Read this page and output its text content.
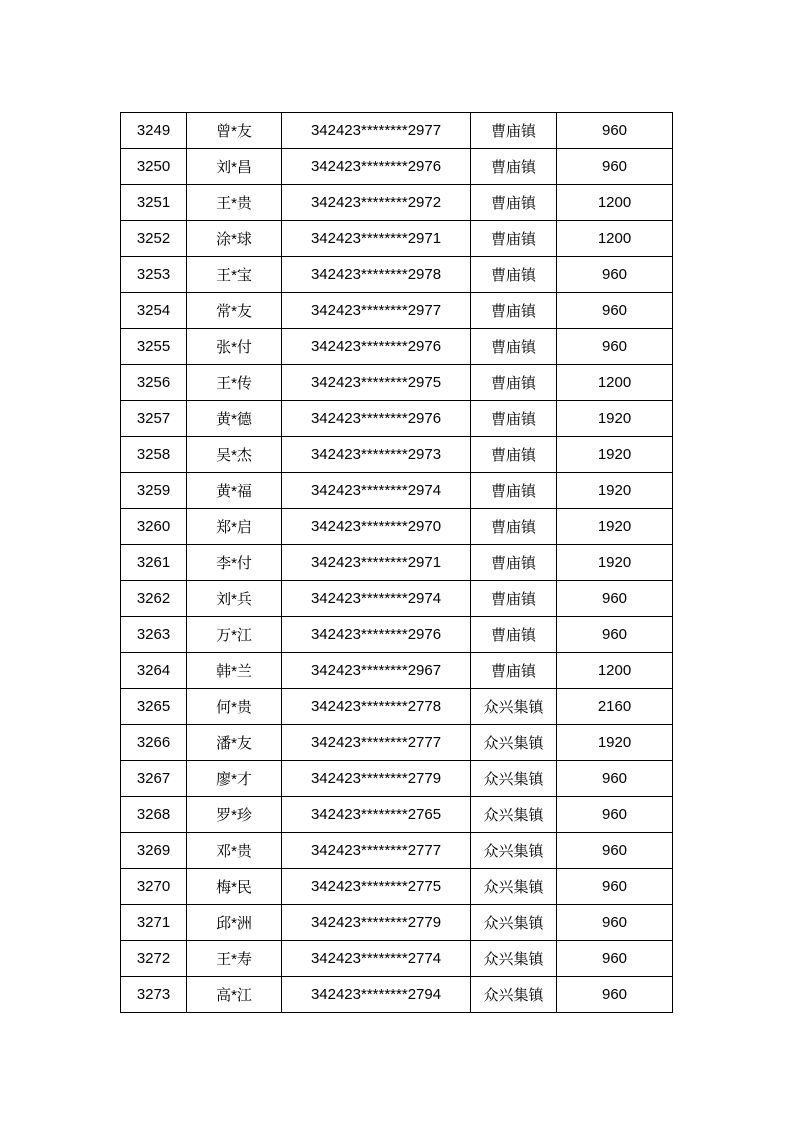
3249	曾*友	342423********2977	曹庙镇	960
3250	刘*昌	342423********2976	曹庙镇	960
3251	王*贵	342423********2972	曹庙镇	1200
3252	涂*球	342423********2971	曹庙镇	1200
3253	王*宝	342423********2978	曹庙镇	960
3254	常*友	342423********2977	曹庙镇	960
3255	张*付	342423********2976	曹庙镇	960
3256	王*传	342423********2975	曹庙镇	1200
3257	黄*德	342423********2976	曹庙镇	1920
3258	吴*杰	342423********2973	曹庙镇	1920
3259	黄*福	342423********2974	曹庙镇	1920
3260	郑*启	342423********2970	曹庙镇	1920
3261	李*付	342423********2971	曹庙镇	1920
3262	刘*兵	342423********2974	曹庙镇	960
3263	万*江	342423********2976	曹庙镇	960
3264	韩*兰	342423********2967	曹庙镇	1200
3265	何*贵	342423********2778	众兴集镇	2160
3266	潘*友	342423********2777	众兴集镇	1920
3267	廖*才	342423********2779	众兴集镇	960
3268	罗*珍	342423********2765	众兴集镇	960
3269	邓*贵	342423********2777	众兴集镇	960
3270	梅*民	342423********2775	众兴集镇	960
3271	邱*洲	342423********2779	众兴集镇	960
3272	王*寿	342423********2774	众兴集镇	960
3273	高*江	342423********2794	众兴集镇	960
